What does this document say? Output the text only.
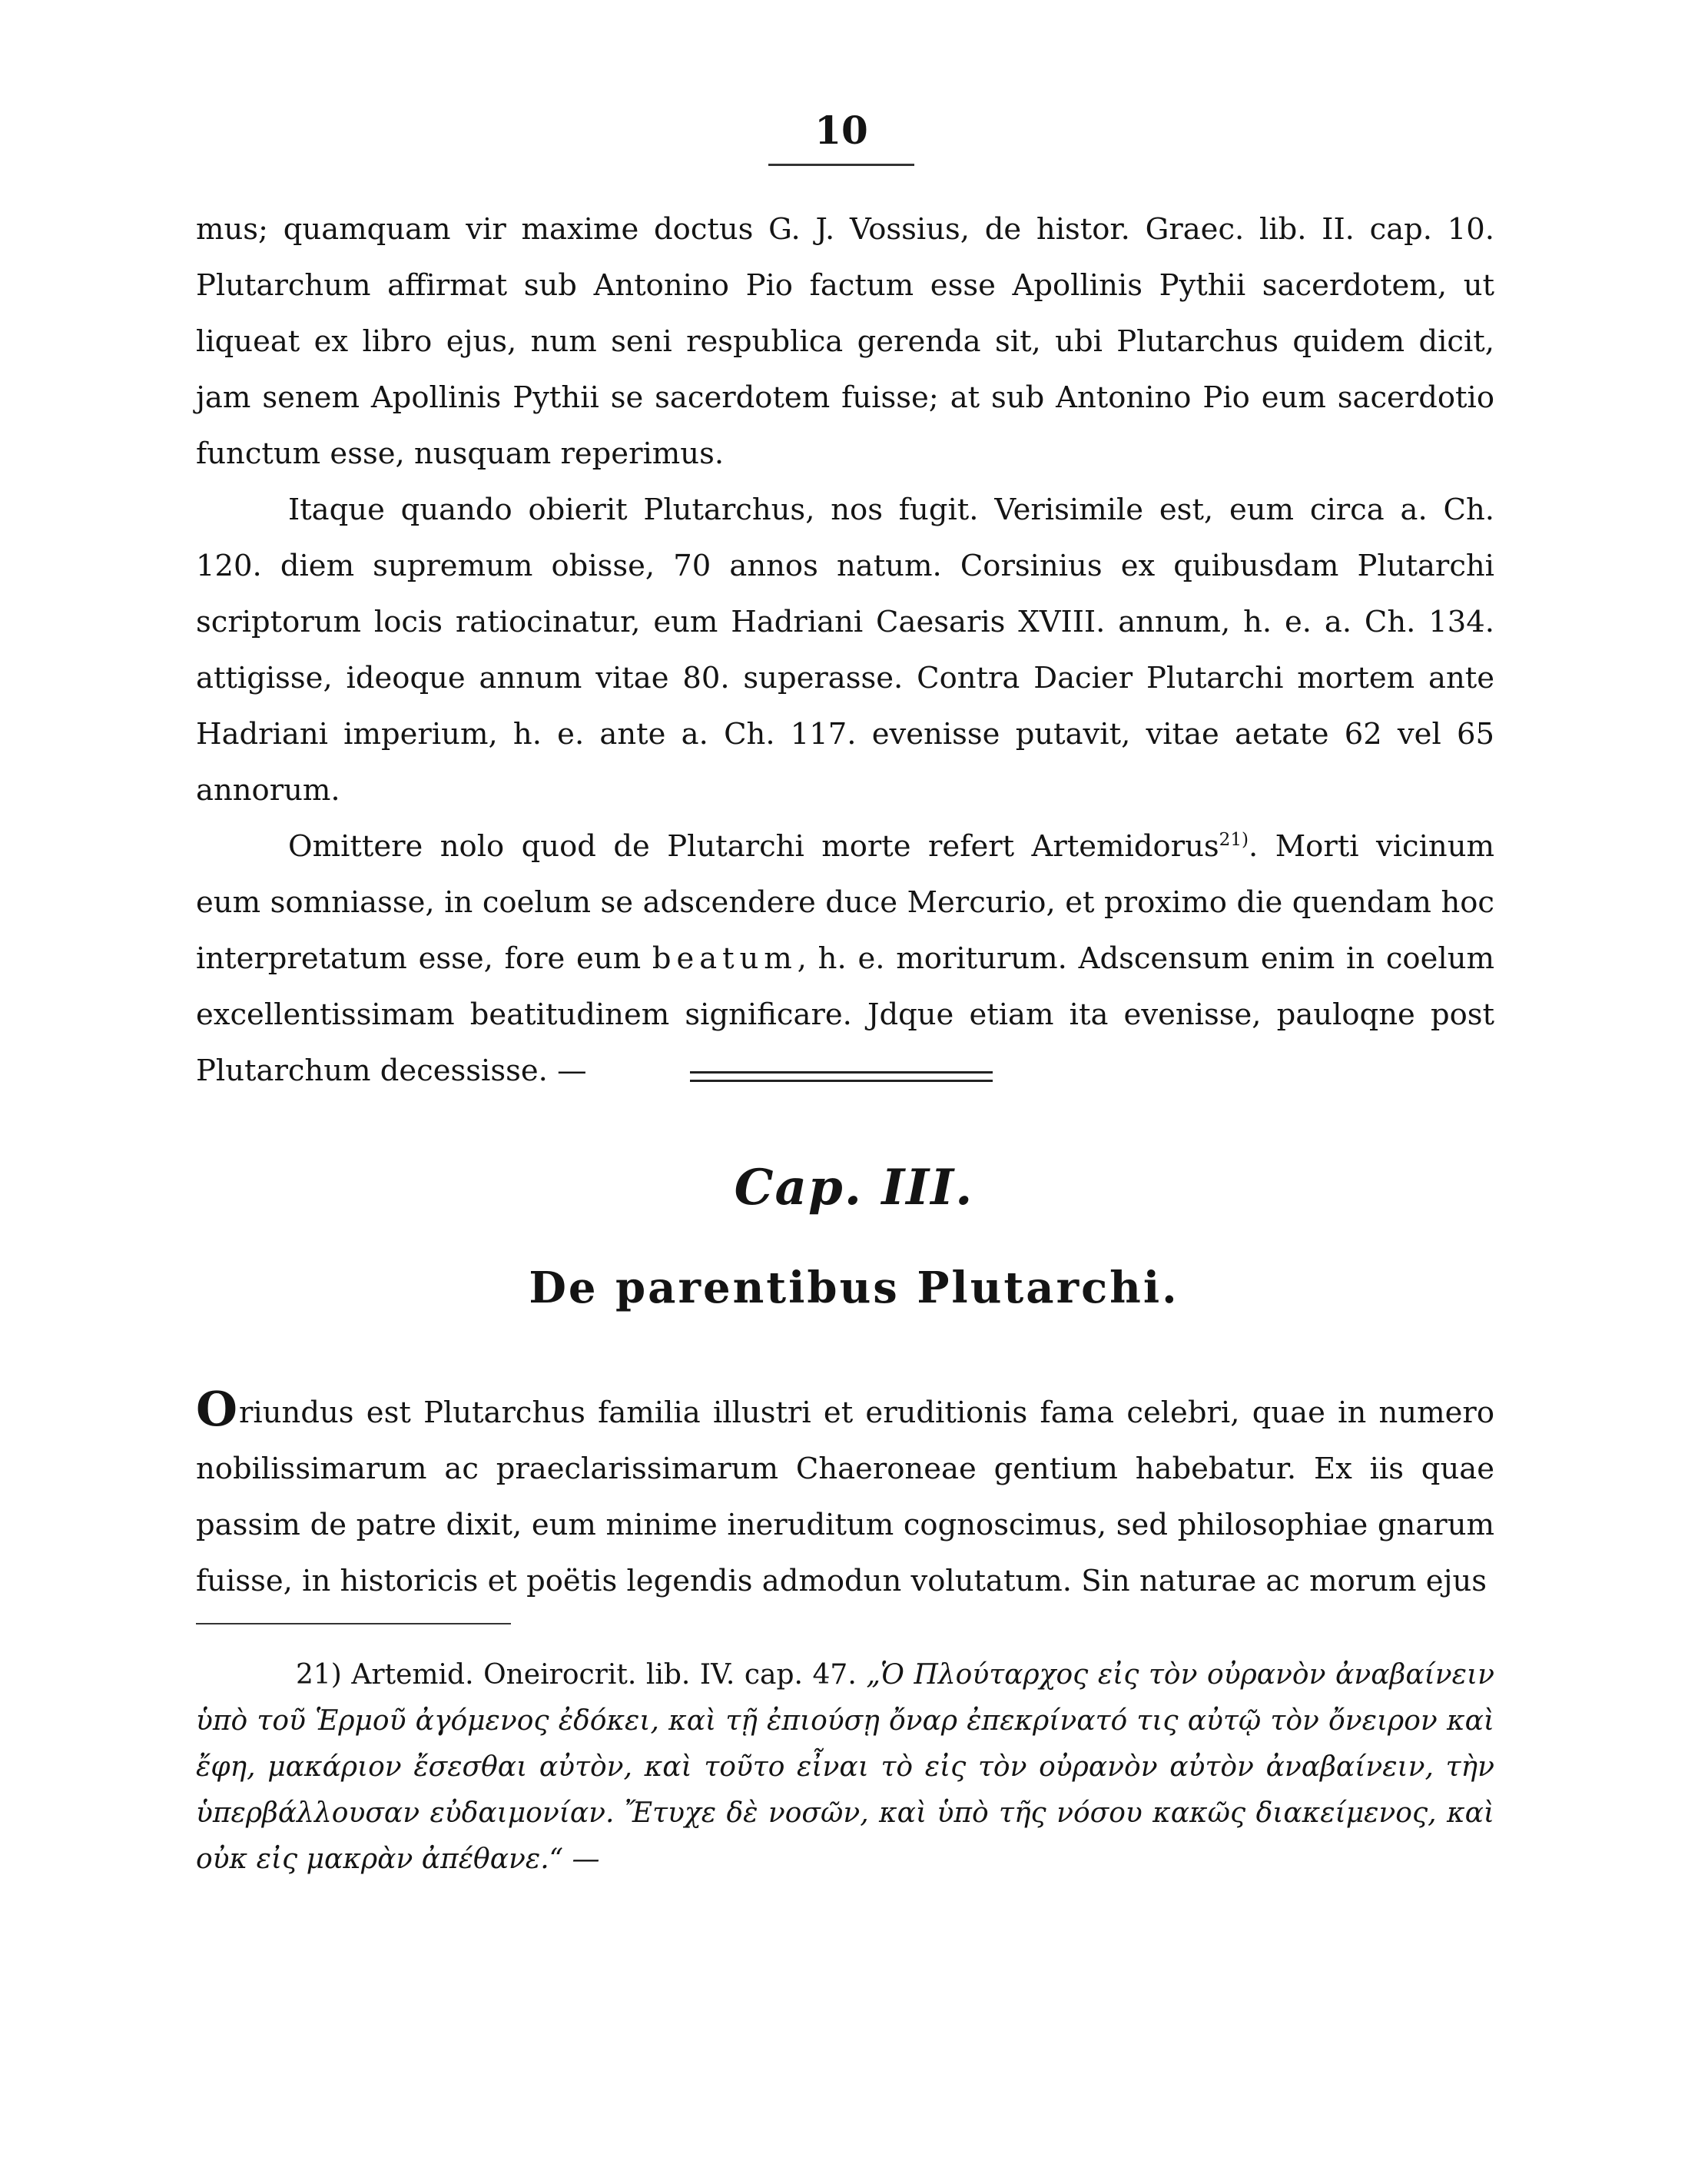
10

mus; quamquam vir maxime doctus G. J. Vossius, de histor. Graec. lib. II. cap. 10. Plutarchum affirmat sub Antonino Pio factum esse Apollinis Pythii sacerdotem, ut liqueat ex libro ejus, num seni respublica gerenda sit, ubi Plutarchus quidem dicit, jam senem Apollinis Pythii se sacerdotem fuisse; at sub Antonino Pio eum sacerdotio functum esse, nusquam reperimus.

Itaque quando obierit Plutarchus, nos fugit. Verisimile est, eum circa a. Ch. 120. diem supremum obisse, 70 annos natum. Corsinius ex quibusdam Plutarchi scriptorum locis ratiocinatur, eum Hadriani Caesaris XVIII. annum, h. e. a. Ch. 134. attigisse, ideoque annum vitae 80. superasse. Contra Dacier Plutarchi mortem ante Hadriani imperium, h. e. ante a. Ch. 117. evenisse putavit, vitae aetate 62 vel 65 annorum.

Omittere nolo quod de Plutarchi morte refert Artemidorus$^{21)}$. Morti vicinum eum somniasse, in coelum se adscendere duce Mercurio, et proximo die quendam hoc interpretatum esse, fore eum beatum, h. e. moriturum. Adscensum enim in coelum excellentissimam beatitudinem significare. Jdque etiam ita evenisse, pauloqne post Plutarchum decessisse. —

Cap. III.
De parentibus Plutarchi.

Oriundus est Plutarchus familia illustri et eruditionis fama celebri, quae in numero nobilissimarum ac praeclarissimarum Chaeroneae gentium habebatur. Ex iis quae passim de patre dixit, eum minime ineruditum cognoscimus, sed philosophiae gnarum fuisse, in historicis et poëtis legendis admodun volutatum. Sin naturae ac morum ejus

21) Artemid. Oneirocrit. lib. IV. cap. 47. „Ὁ Πλούταρχος εἰς τὸν οὐρανὸν ἀναβαίνειν ὑπὸ τοῦ Ἑρμοῦ ἀγόμενος ἐδόκει, καὶ τῇ ἐπιούσῃ ὄναρ ἐπεκρίνατό τις αὐτῷ τὸν ὄνειρον καὶ ἔφη, μακάριον ἔσεσθαι αὐτὸν, καὶ τοῦτο εἶναι τὸ εἰς τὸν οὐρανὸν αὐτὸν ἀναβαίνειν, τὴν ὑπερβάλλουσαν εὐδαιμονίαν. Ἔτυχε δὲ νοσῶν, καὶ ὑπὸ τῆς νόσου κακῶς διακείμενος, καὶ οὐκ εἰς μακρὰν ἀπέθανε.“ —
